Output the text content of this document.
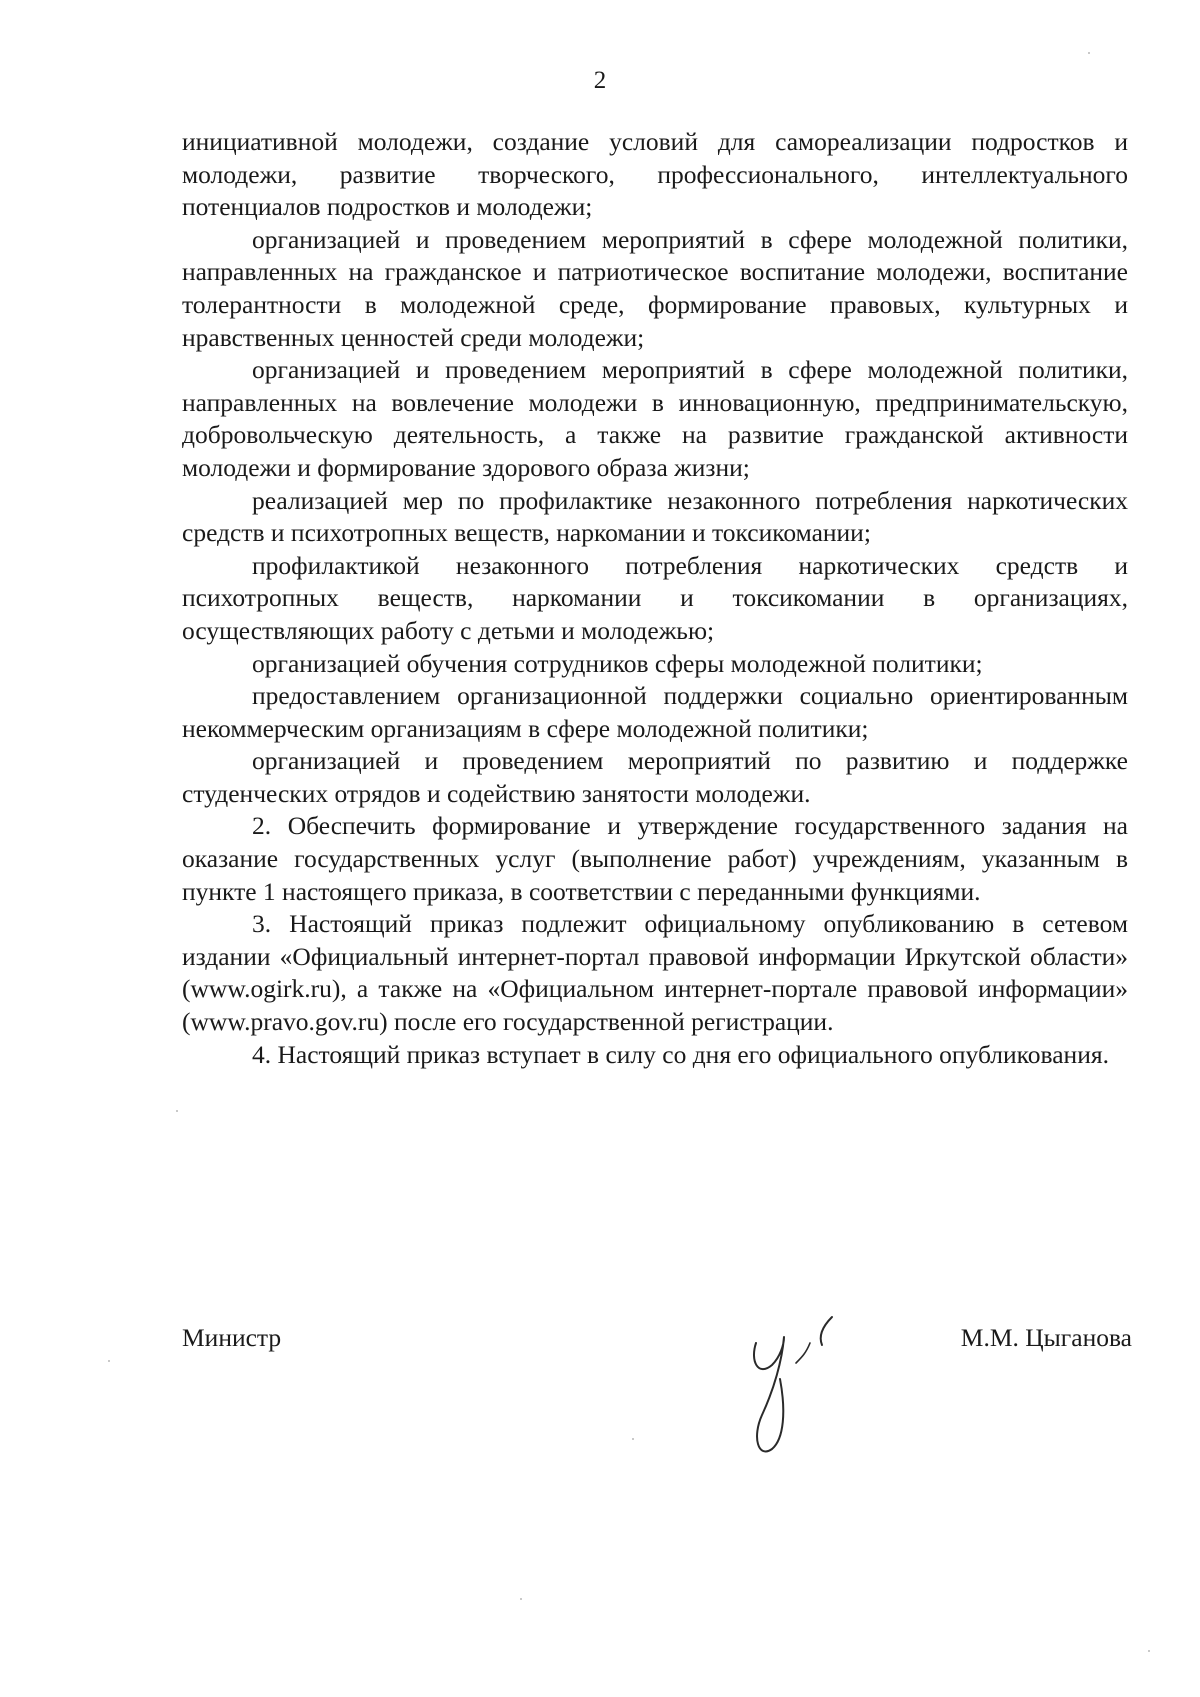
2

инициативной молодежи, создание условий для самореализации подростков и молодежи, развитие творческого, профессионального, интеллектуального потенциалов подростков и молодежи;

организацией и проведением мероприятий в сфере молодежной политики, направленных на гражданское и патриотическое воспитание молодежи, воспитание толерантности в молодежной среде, формирование правовых, культурных и нравственных ценностей среди молодежи;

организацией и проведением мероприятий в сфере молодежной политики, направленных на вовлечение молодежи в инновационную, предпринимательскую, добровольческую деятельность, а также на развитие гражданской активности молодежи и формирование здорового образа жизни;

реализацией мер по профилактике незаконного потребления наркотических средств и психотропных веществ, наркомании и токсикомании;

профилактикой незаконного потребления наркотических средств и психотропных веществ, наркомании и токсикомании в организациях, осуществляющих работу с детьми и молодежью;

организацией обучения сотрудников сферы молодежной политики;

предоставлением организационной поддержки социально ориентированным некоммерческим организациям в сфере молодежной политики;

организацией и проведением мероприятий по развитию и поддержке студенческих отрядов и содействию занятости молодежи.

2. Обеспечить формирование и утверждение государственного задания на оказание государственных услуг (выполнение работ) учреждениям, указанным в пункте 1 настоящего приказа, в соответствии с переданными функциями.

3. Настоящий приказ подлежит официальному опубликованию в сетевом издании «Официальный интернет-портал правовой информации Иркутской области» (www.ogirk.ru), а также на «Официальном интернет-портале правовой информации» (www.pravo.gov.ru) после его государственной регистрации.

4. Настоящий приказ вступает в силу со дня его официального опубликования.

Министр	М.М. Цыганова
